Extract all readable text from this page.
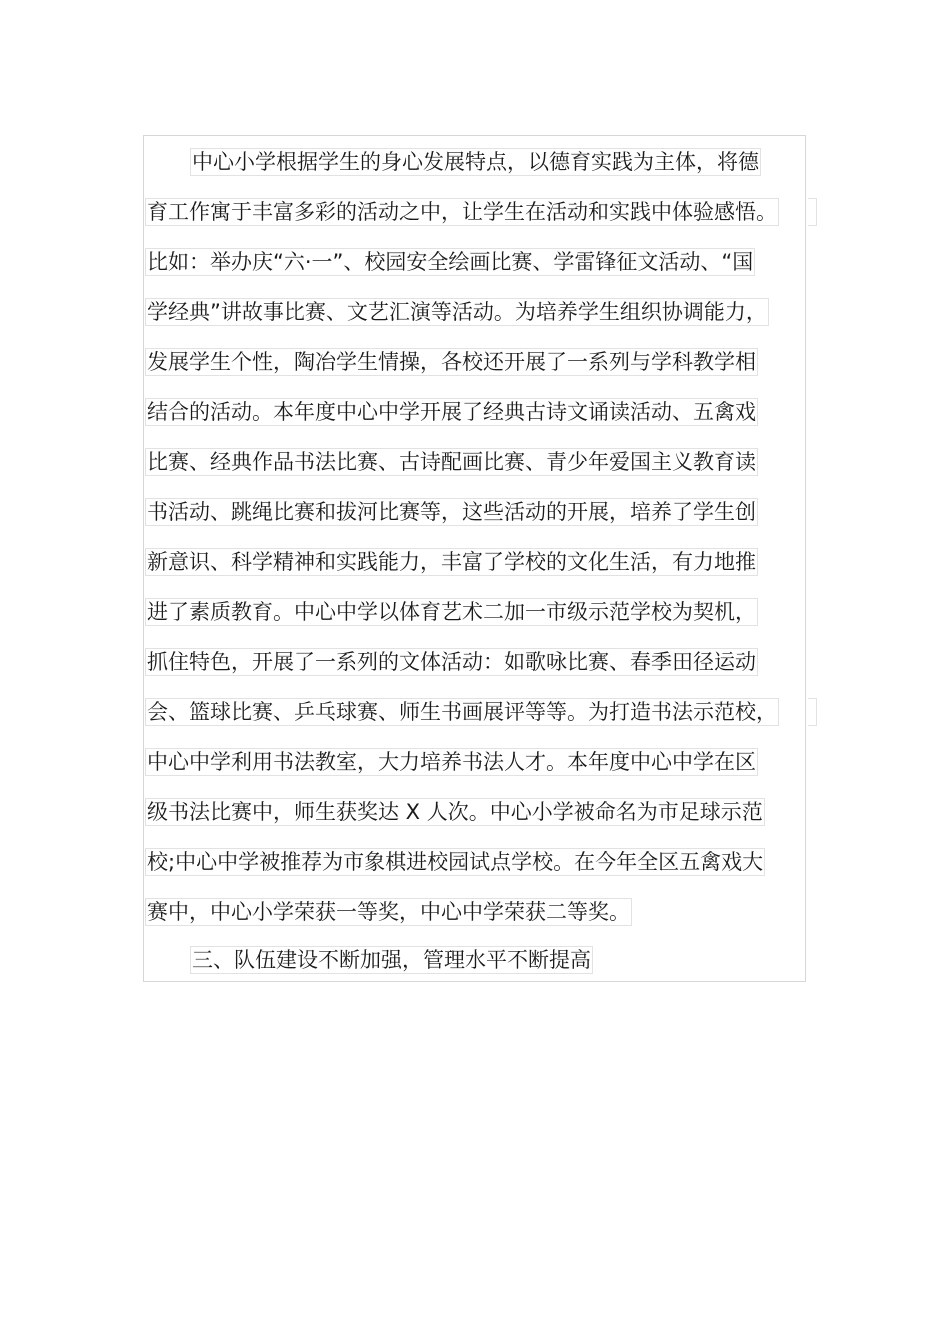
中心小学根据学生的身心发展特点，以德育实践为主体，将德
育工作寓于丰富多彩的活动之中，让学生在活动和实践中体验感悟。
比如：举办庆“六·一”、校园安全绘画比赛、学雷锋征文活动、“国
学经典”讲故事比赛、文艺汇演等活动。为培养学生组织协调能力，
发展学生个性，陶冶学生情操，各校还开展了一系列与学科教学相
结合的活动。本年度中心中学开展了经典古诗文诵读活动、五禽戏
比赛、经典作品书法比赛、古诗配画比赛、青少年爱国主义教育读
书活动、跳绳比赛和拔河比赛等，这些活动的开展，培养了学生创
新意识、科学精神和实践能力，丰富了学校的文化生活，有力地推
进了素质教育。中心中学以体育艺术二加一市级示范学校为契机，
抓住特色，开展了一系列的文体活动：如歌咏比赛、春季田径运动
会、篮球比赛、乒乓球赛、师生书画展评等等。为打造书法示范校，
中心中学利用书法教室，大力培养书法人才。本年度中心中学在区
级书法比赛中，师生获奖达 X 人次。中心小学被命名为市足球示范
校;中心中学被推荐为市象棋进校园试点学校。在今年全区五禽戏大
赛中，中心小学荣获一等奖，中心中学荣获二等奖。
三、队伍建设不断加强，管理水平不断提高
